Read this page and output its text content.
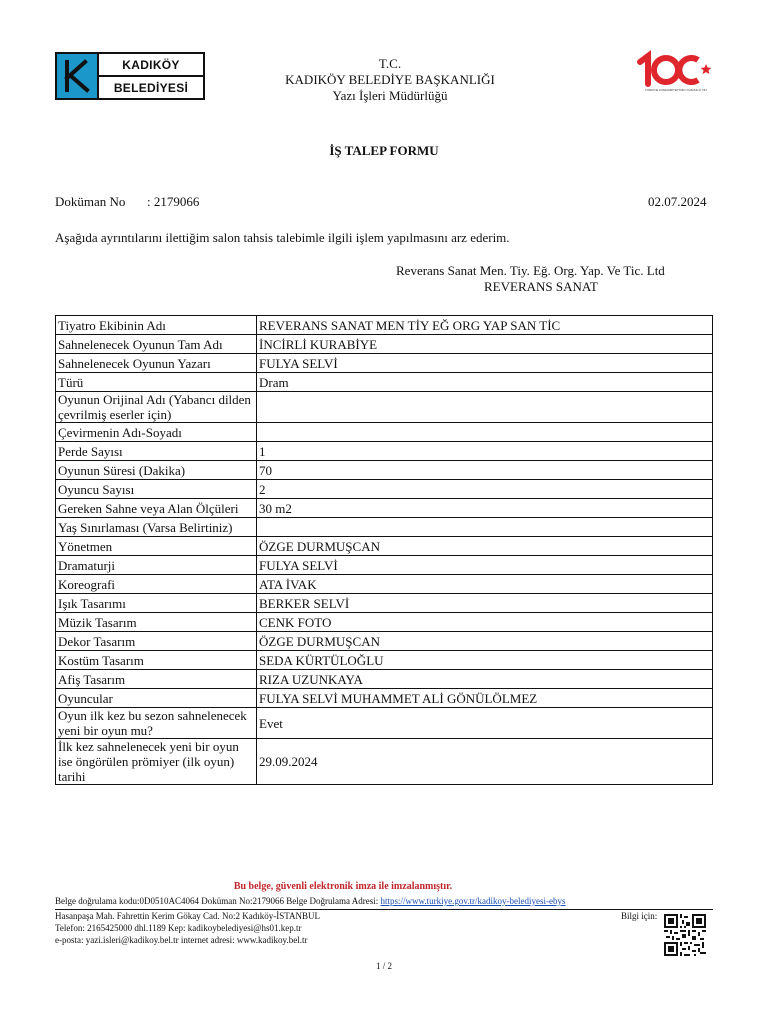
KADIKÖY
BELEDİYESİ
T.C.
KADIKÖY BELEDİYE BAŞKANLIĞI
Yazı İşleri Müdürlüğü	TÜRKİYE CUMHURİYETİ'NİN YÜZÜNCÜ YILI
İŞ TALEP FORMU
Doküman No : 2179066	02.07.2024
Aşağıda ayrıntılarını ilettiğim salon tahsis talebimle ilgili işlem yapılmasını arz ederim.
Reverans Sanat Men. Tiy. Eğ. Org. Yap. Ve Tic. Ltd
REVERANS SANAT
Tiyatro Ekibinin Adı	REVERANS SANAT MEN TİY EĞ ORG YAP SAN TİC
Sahnelenecek Oyunun Tam Adı	İNCİRLİ KURABİYE
Sahnelenecek Oyunun Yazarı	FULYA SELVİ
Türü	Dram
Oyunun Orijinal Adı (Yabancı dilden çevrilmiş eserler için)	
Çevirmenin Adı-Soyadı	
Perde Sayısı	1
Oyunun Süresi (Dakika)	70
Oyuncu Sayısı	2
Gereken Sahne veya Alan Ölçüleri	30 m2
Yaş Sınırlaması (Varsa Belirtiniz)	
Yönetmen	ÖZGE DURMUŞCAN
Dramaturji	FULYA SELVİ
Koreografi	ATA İVAK
Işık Tasarımı	BERKER SELVİ
Müzik Tasarım	CENK FOTO
Dekor Tasarım	ÖZGE DURMUŞCAN
Kostüm Tasarım	SEDA KÜRTÜLOĞLU
Afiş Tasarım	RIZA UZUNKAYA
Oyuncular	FULYA SELVİ MUHAMMET ALİ GÖNÜLÖLMEZ
Oyun ilk kez bu sezon sahnelenecek yeni bir oyun mu?	Evet
İlk kez sahnelenecek yeni bir oyun ise öngörülen prömiyer (ilk oyun) tarihi	29.09.2024
Bu belge, güvenli elektronik imza ile imzalanmıştır.
Belge doğrulama kodu:0D0510AC4064 Doküman No:2179066 Belge Doğrulama Adresi: https://www.turkiye.gov.tr/kadikoy-belediyesi-ebys
Hasanpaşa Mah. Fahrettin Kerim Gökay Cad. No:2 Kadıköy-İSTANBUL
Telefon: 2165425000 dhl.1189 Kep: kadikoybelediyesi@hs01.kep.tr
e-posta: yazi.isleri@kadikoy.bel.tr internet adresi: www.kadikoy.bel.tr
Bilgi için:
1 / 2
